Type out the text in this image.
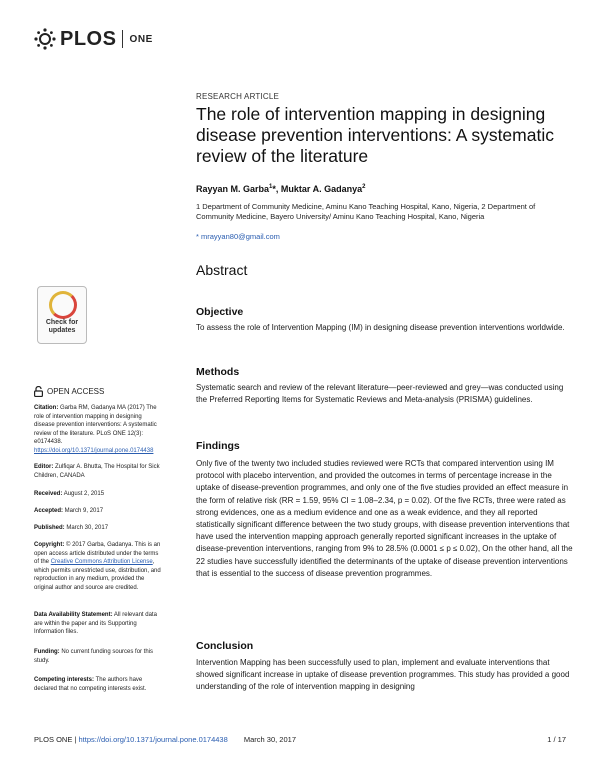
PLOS ONE
RESEARCH ARTICLE
The role of intervention mapping in designing disease prevention interventions: A systematic review of the literature
Rayyan M. Garba$^1$*, Muktar A. Gadanya$^2$
1 Department of Community Medicine, Aminu Kano Teaching Hospital, Kano, Nigeria, 2 Department of Community Medicine, Bayero University/ Aminu Kano Teaching Hospital, Kano, Nigeria
* mrayyan80@gmail.com
Abstract
Objective
To assess the role of Intervention Mapping (IM) in designing disease prevention interventions worldwide.
Methods
Systematic search and review of the relevant literature—peer-reviewed and grey—was conducted using the Preferred Reporting Items for Systematic Reviews and Meta-analysis (PRISMA) guidelines.
Findings
Only five of the twenty two included studies reviewed were RCTs that compared intervention using IM protocol with placebo intervention, and provided the outcomes in terms of percentage increase in the uptake of disease-prevention programmes, and only one of the five studies provided an effect measure in the form of relative risk (RR = 1.59, 95% CI = 1.08–2.34, p = 0.02). Of the five RCTs, three were rated as strong evidences, one as a medium evidence and one as a weak evidence, and they all reported statistically significant difference between the two study groups, with disease prevention interventions that have used the intervention mapping approach generally reported significant increases in the uptake of disease-prevention interventions, ranging from 9% to 28.5% (0.0001 ≤ p ≤ 0.02), On the other hand, all the 22 studies have successfully identified the determinants of the uptake of disease prevention interventions that is essential to the success of disease prevention programmes.
Conclusion
Intervention Mapping has been successfully used to plan, implement and evaluate interventions that showed significant increase in uptake of disease prevention programmes. This study has provided a good understanding of the role of intervention mapping in designing
Check for
updates
OPEN ACCESS
Citation: Garba RM, Gadanya MA (2017) The role of intervention mapping in designing disease prevention interventions: A systematic review of the literature. PLoS ONE 12(3): e0174438. https://doi.org/10.1371/journal.pone.0174438
Editor: Zulfiqar A. Bhutta, The Hospital for Sick Children, CANADA
Received: August 2, 2015
Accepted: March 9, 2017
Published: March 30, 2017
Copyright: © 2017 Garba, Gadanya. This is an open access article distributed under the terms of the Creative Commons Attribution License, which permits unrestricted use, distribution, and reproduction in any medium, provided the original author and source are credited.
Data Availability Statement: All relevant data are within the paper and its Supporting Information files.
Funding: No current funding sources for this study.
Competing interests: The authors have declared that no competing interests exist.
PLOS ONE | https://doi.org/10.1371/journal.pone.0174438 March 30, 2017	1 / 17
